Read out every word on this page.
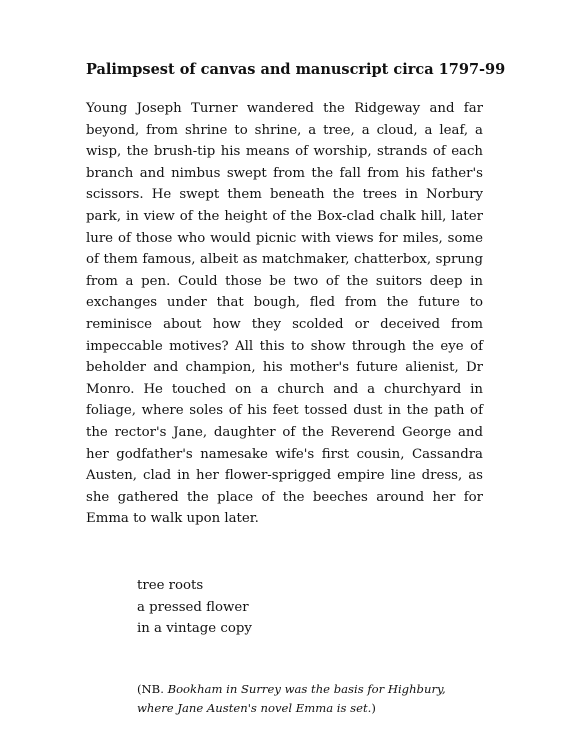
Palimpsest of canvas and manuscript circa 1797-99

Young Joseph Turner wandered the Ridgeway and far beyond, from shrine to shrine, a tree, a cloud, a leaf, a wisp, the brush-tip his means of worship, strands of each branch and nimbus swept from the fall from his father's scissors. He swept them beneath the trees in Norbury park, in view of the height of the Box-clad chalk hill, later lure of those who would picnic with views for miles, some of them famous, albeit as matchmaker, chatterbox, sprung from a pen. Could those be two of the suitors deep in exchanges under that bough, fled from the future to reminisce about how they scolded or deceived from impeccable motives? All this to show through the eye of beholder and champion, his mother's future alienist, Dr Monro. He touched on a church and a churchyard in foliage, where soles of his feet tossed dust in the path of the rector's Jane, daughter of the Reverend George and her godfather's namesake wife's first cousin, Cassandra Austen, clad in her flower-sprigged empire line dress, as she gathered the place of the beeches around her for Emma to walk upon later.

tree roots
a pressed flower
in a vintage copy

(NB. Bookham in Surrey was the basis for Highbury, where Jane Austen's novel Emma is set.)
